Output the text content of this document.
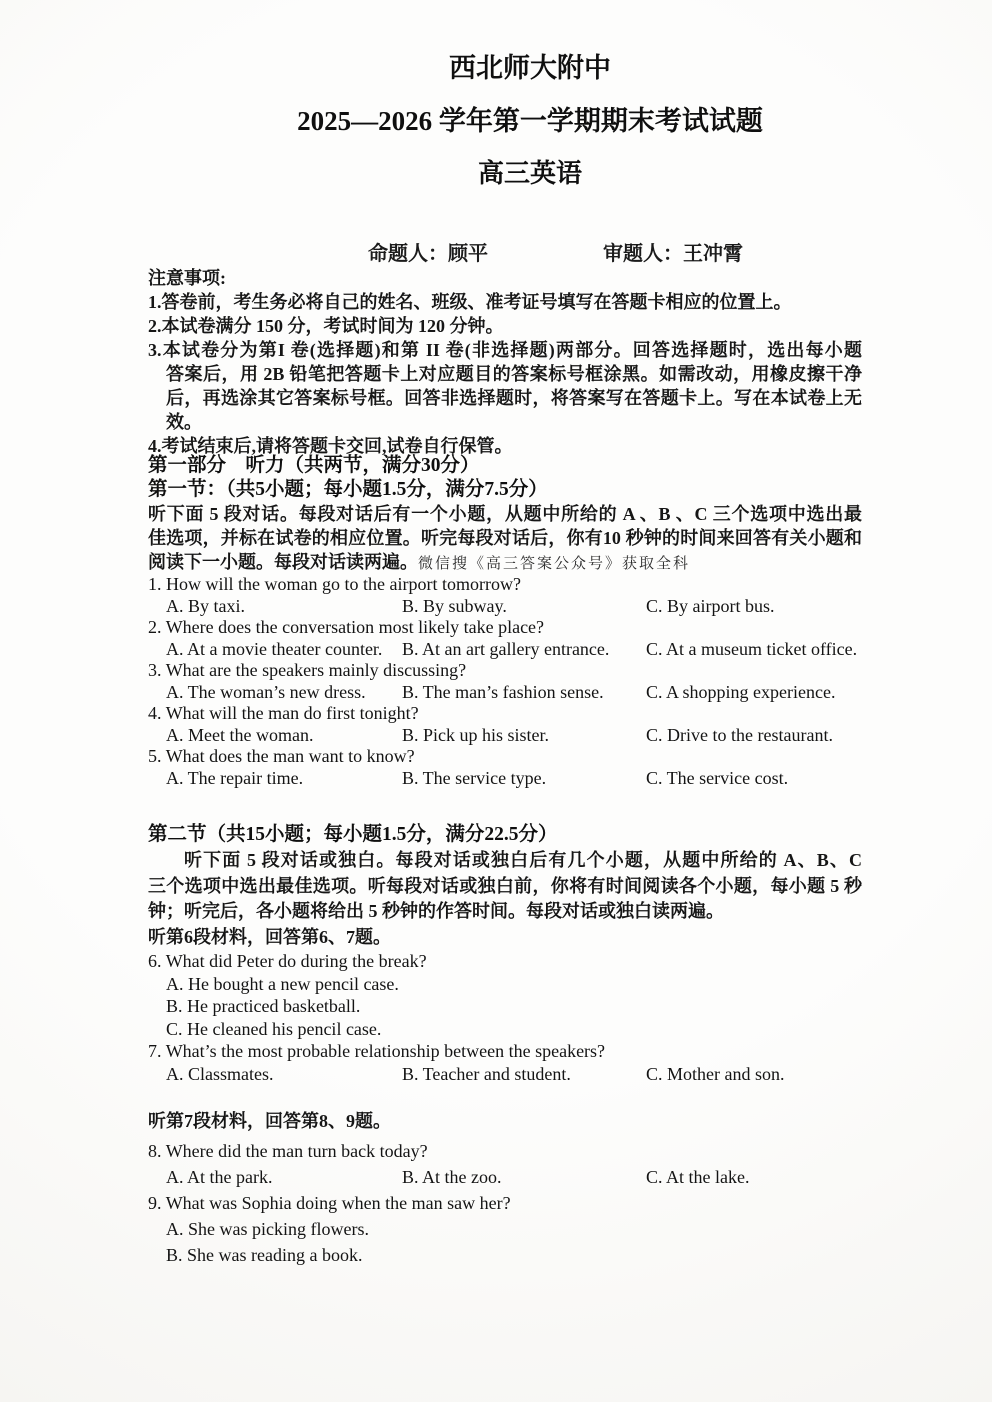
西北师大附中
2025—2026 学年第一学期期末考试试题
高三英语
命题人：顾平	审题人：王冲霄
注意事项:
1.答卷前，考生务必将自己的姓名、班级、准考证号填写在答题卡相应的位置上。
2.本试卷满分 150 分，考试时间为 120 分钟。
3.本试卷分为第I 卷(选择题)和第 II 卷(非选择题)两部分。回答选择题时，选出每小题
答案后，用 2B 铅笔把答题卡上对应题目的答案标号框涂黑。如需改动，用橡皮擦干净
后，再选涂其它答案标号框。回答非选择题时，将答案写在答题卡上。写在本试卷上无
效。
4.考试结束后,请将答题卡交回,试卷自行保管。
第一部分　听力（共两节，满分30分）
第一节：（共5小题；每小题1.5分，满分7.5分）
听下面 5 段对话。每段对话后有一个小题，从题中所给的 A 、B 、C 三个选项中选出最
佳选项，并标在试卷的相应位置。听完每段对话后，你有10 秒钟的时间来回答有关小题和
阅读下一小题。每段对话读两遍。微信搜《高三答案公众号》获取全科
1. How will the woman go to the airport tomorrow?
A. By taxi.	B. By subway.	C. By airport bus.
2. Where does the conversation most likely take place?
A. At a movie theater counter.	B. At an art gallery entrance.	C. At a museum ticket office.
3. What are the speakers mainly discussing?
A. The woman’s new dress.	B. The man’s fashion sense.	C. A shopping experience.
4. What will the man do first tonight?
A. Meet the woman.	B. Pick up his sister.	C. Drive to the restaurant.
5. What does the man want to know?
A. The repair time.	B. The service type.	C. The service cost.
第二节（共15小题；每小题1.5分，满分22.5分）
听下面 5 段对话或独白。每段对话或独白后有几个小题，从题中所给的 A、B、C
三个选项中选出最佳选项。听每段对话或独白前，你将有时间阅读各个小题，每小题 5 秒
钟；听完后，各小题将给出 5 秒钟的作答时间。每段对话或独白读两遍。
听第6段材料，回答第6、7题。
6. What did Peter do during the break?
A. He bought a new pencil case.
B. He practiced basketball.
C. He cleaned his pencil case.
7. What’s the most probable relationship between the speakers?
A. Classmates.	B. Teacher and student.	C. Mother and son.
听第7段材料，回答第8、9题。
8. Where did the man turn back today?
A. At the park.	B. At the zoo.	C. At the lake.
9. What was Sophia doing when the man saw her?
A. She was picking flowers.
B. She was reading a book.
